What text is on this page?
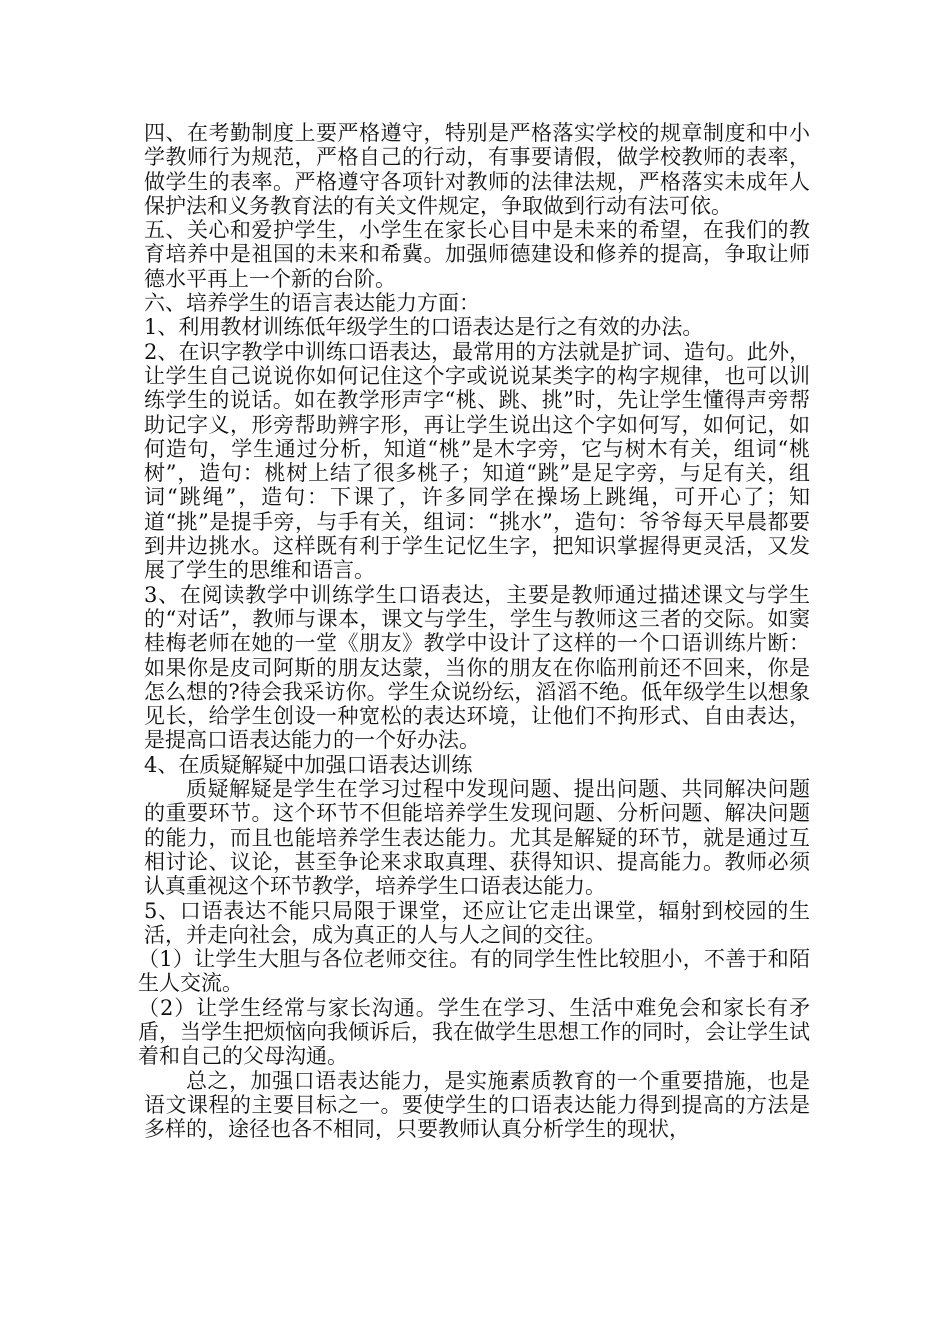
四、在考勤制度上要严格遵守，特别是严格落实学校的规章制度和中小学教师行为规范，严格自己的行动，有事要请假，做学校教师的表率，做学生的表率。严格遵守各项针对教师的法律法规，严格落实未成年人保护法和义务教育法的有关文件规定，争取做到行动有法可依。

五、关心和爱护学生，小学生在家长心目中是未来的希望，在我们的教育培养中是祖国的未来和希冀。加强师德建设和修养的提高，争取让师德水平再上一个新的台阶。

六、培养学生的语言表达能力方面：

1、利用教材训练低年级学生的口语表达是行之有效的办法。

2、在识字教学中训练口语表达，最常用的方法就是扩词、造句。此外，让学生自己说说你如何记住这个字或说说某类字的构字规律，也可以训练学生的说话。如在教学形声字“桃、跳、挑”时，先让学生懂得声旁帮助记字义，形旁帮助辨字形，再让学生说出这个字如何写，如何记，如何造句，学生通过分析，知道“桃”是木字旁，它与树木有关，组词“桃树”，造句：桃树上结了很多桃子；知道“跳”是足字旁，与足有关，组词“跳绳”，造句：下课了，许多同学在操场上跳绳，可开心了；知道“挑”是提手旁，与手有关，组词：“挑水”，造句：爷爷每天早晨都要到井边挑水。这样既有利于学生记忆生字，把知识掌握得更灵活，又发展了学生的思维和语言。

3、在阅读教学中训练学生口语表达，主要是教师通过描述课文与学生的“对话”，教师与课本，课文与学生，学生与教师这三者的交际。如窦桂梅老师在她的一堂《朋友》教学中设计了这样的一个口语训练片断：如果你是皮司阿斯的朋友达蒙，当你的朋友在你临刑前还不回来，你是怎么想的?待会我采访你。学生众说纷纭，滔滔不绝。低年级学生以想象见长，给学生创设一种宽松的表达环境，让他们不拘形式、自由表达，是提高口语表达能力的一个好办法。

4、在质疑解疑中加强口语表达训练

质疑解疑是学生在学习过程中发现问题、提出问题、共同解决问题的重要环节。这个环节不但能培养学生发现问题、分析问题、解决问题的能力，而且也能培养学生表达能力。尤其是解疑的环节，就是通过互相讨论、议论，甚至争论来求取真理、获得知识、提高能力。教师必须认真重视这个环节教学，培养学生口语表达能力。

5、口语表达不能只局限于课堂，还应让它走出课堂，辐射到校园的生活，并走向社会，成为真正的人与人之间的交往。

（1）让学生大胆与各位老师交往。有的同学生性比较胆小，不善于和陌生人交流。

（2）让学生经常与家长沟通。学生在学习、生活中难免会和家长有矛盾，当学生把烦恼向我倾诉后，我在做学生思想工作的同时，会让学生试着和自己的父母沟通。

总之，加强口语表达能力，是实施素质教育的一个重要措施，也是语文课程的主要目标之一。要使学生的口语表达能力得到提高的方法是多样的，途径也各不相同，只要教师认真分析学生的现状，
